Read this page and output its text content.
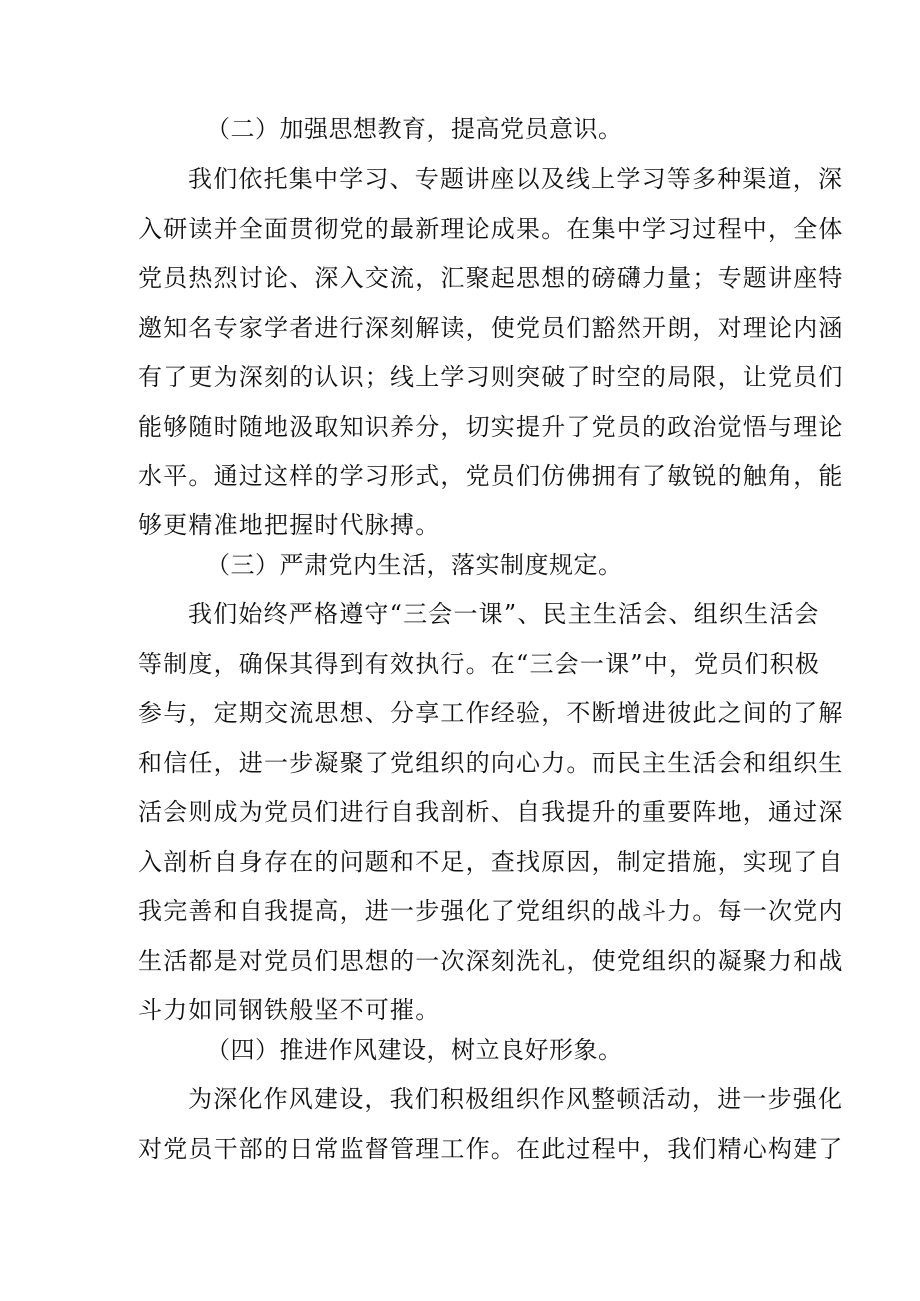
（二）加强思想教育，提高党员意识。
我们依托集中学习、专题讲座以及线上学习等多种渠道，深
入研读并全面贯彻党的最新理论成果。在集中学习过程中，全体
党员热烈讨论、深入交流，汇聚起思想的磅礴力量；专题讲座特
邀知名专家学者进行深刻解读，使党员们豁然开朗，对理论内涵
有了更为深刻的认识；线上学习则突破了时空的局限，让党员们
能够随时随地汲取知识养分，切实提升了党员的政治觉悟与理论
水平。通过这样的学习形式，党员们仿佛拥有了敏锐的触角，能
够更精准地把握时代脉搏。
（三）严肃党内生活，落实制度规定。
我们始终严格遵守“三会一课”、民主生活会、组织生活会
等制度，确保其得到有效执行。在“三会一课”中，党员们积极
参与，定期交流思想、分享工作经验，不断增进彼此之间的了解
和信任，进一步凝聚了党组织的向心力。而民主生活会和组织生
活会则成为党员们进行自我剖析、自我提升的重要阵地，通过深
入剖析自身存在的问题和不足，查找原因，制定措施，实现了自
我完善和自我提高，进一步强化了党组织的战斗力。每一次党内
生活都是对党员们思想的一次深刻洗礼，使党组织的凝聚力和战
斗力如同钢铁般坚不可摧。
（四）推进作风建设，树立良好形象。
为深化作风建设，我们积极组织作风整顿活动，进一步强化
对党员干部的日常监督管理工作。在此过程中，我们精心构建了
